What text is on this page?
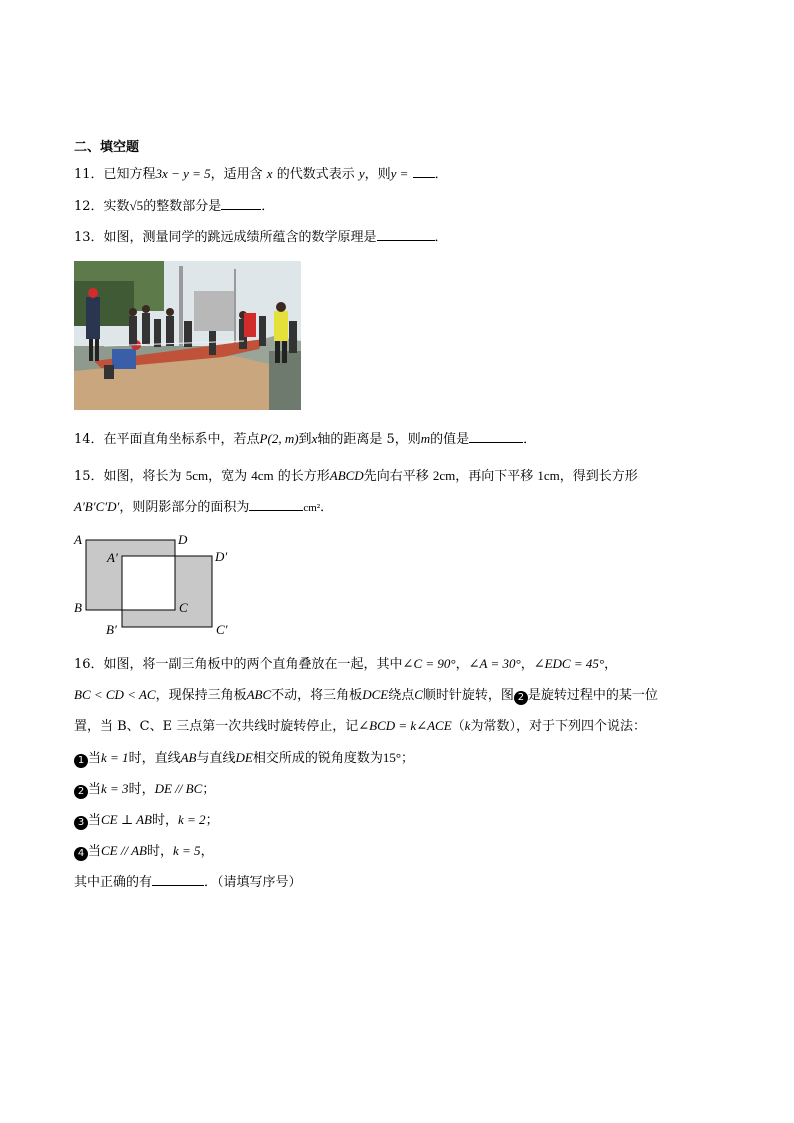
二、填空题
11．已知方程3x − y = 5，适用含 x 的代数式表示 y，则y = ．
12．实数√5的整数部分是	．
13．如图，测量同学的跳远成绩所蕴含的数学原理是	．
14．在平面直角坐标系中，若点P(2, m)到x轴的距离是 5，则m的值是	．
15．如图，将长为 5cm，宽为 4cm 的长方形ABCD先向右平移 2cm，再向下平移 1cm，得到长方形
A′B′C′D′，则阴影部分的面积为	cm²．
A	D
A′	D′
B	C
B′	C′
16．如图，将一副三角板中的两个直角叠放在一起，其中∠C = 90°，∠A = 30°，∠EDC = 45°，
BC < CD < AC，现保持三角板ABC不动，将三角板DCE绕点C顺时针旋转，图 2 是旋转过程中的某一位
置，当 B、C、E 三点第一次共线时旋转停止，记∠BCD = k∠ACE（k为常数），对于下列四个说法：
1 当k = 1时，直线AB与直线DE相交所成的锐角度数为15°；
2 当k = 3时，DE // BC；
3 当CE ⊥ AB时，k = 2；
4 当CE // AB时，k = 5，
其中正确的有	．（请填写序号）
